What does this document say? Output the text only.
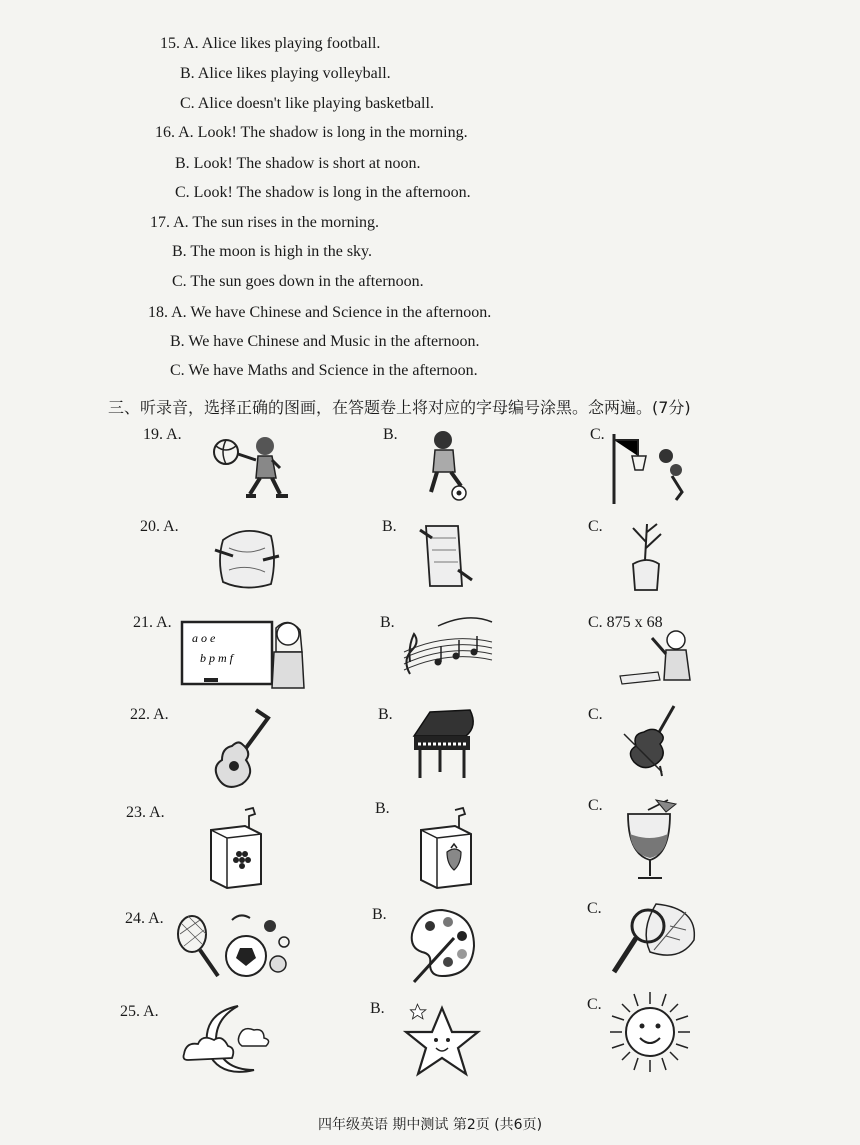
15. A. Alice likes playing football.
B. Alice likes playing volleyball.
C. Alice doesn't like playing basketball.
16. A. Look! The shadow is long in the morning.
B. Look! The shadow is short at noon.
C. Look! The shadow is long in the afternoon.
17. A. The sun rises in the morning.
B. The moon is high in the sky.
C. The sun goes down in the afternoon.
18. A. We have Chinese and Science in the afternoon.
B. We have Chinese and Music in the afternoon.
C. We have Maths and Science in the afternoon.
三、听录音，选择正确的图画，在答题卷上将对应的字母编号涂黑。念两遍。(7分)
19. A.	B.	C.
20. A.	B.	C.
21. A.	B.	C. 875 x 68
a o e
b p m f
22. A.	B.	C.
23. A.	B.	C.
24. A.	B.	C.
25. A.	B.	C.
四年级英语 期中测试 第2页 (共6页)
